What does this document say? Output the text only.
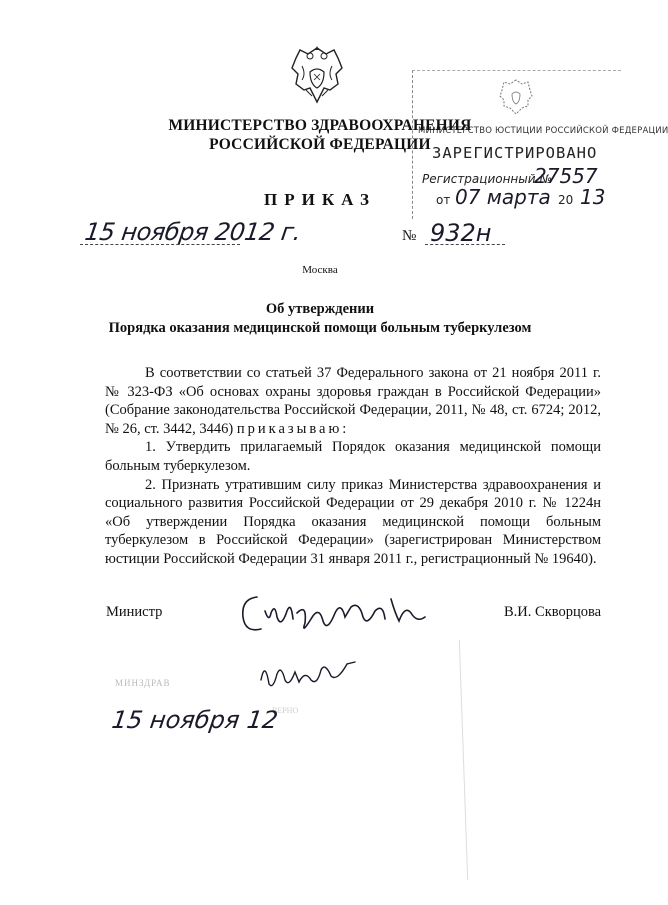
МИНИСТЕРСТВО ЮСТИЦИИ РОССИЙСКОЙ ФЕДЕРАЦИИ
ЗАРЕГИСТРИРОВАНО
Регистрационный №
27557
от 07 марта 20 13
МИНИСТЕРСТВО ЗДРАВООХРАНЕНИЯ
РОССИЙСКОЙ ФЕДЕРАЦИИ
ПРИКАЗ
15 ноября 2012 г.	№ 932н
Москва
Об утверждении
Порядка оказания медицинской помощи больным туберкулезом

В соответствии со статьей 37 Федерального закона от 21 ноября 2011 г. № 323-ФЗ «Об основах охраны здоровья граждан в Российской Федерации» (Собрание законодательства Российской Федерации, 2011, № 48, ст. 6724; 2012, № 26, ст. 3442, 3446) приказываю:

1. Утвердить прилагаемый Порядок оказания медицинской помощи больным туберкулезом.

2. Признать утратившим силу приказ Министерства здравоохранения и социального развития Российской Федерации от 29 декабря 2010 г. № 1224н «Об утверждении Порядка оказания медицинской помощи больным туберкулезом в Российской Федерации» (зарегистрирован Министерством юстиции Российской Федерации 31 января 2011 г., регистрационный № 19640).

Министр	В.И. Скворцова
МИНЗДРАВ
ВЕРНО
15 ноября 12
